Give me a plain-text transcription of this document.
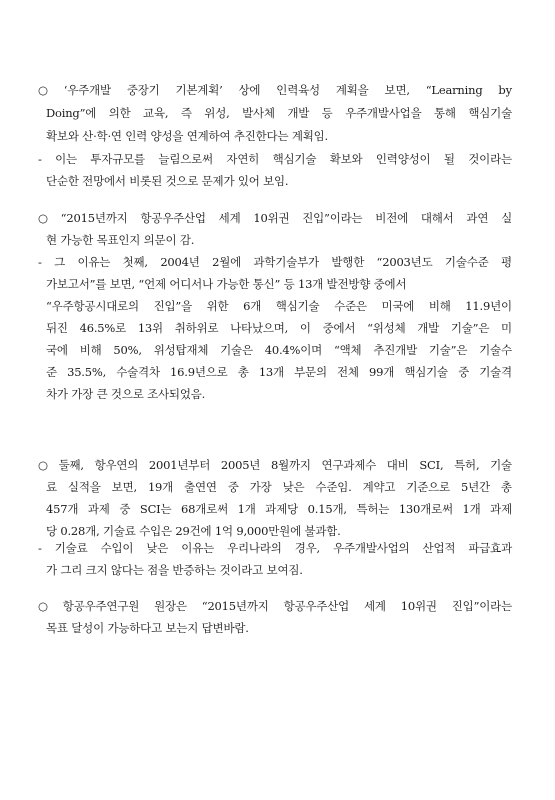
○ ‘우주개발 중장기 기본계획’ 상에 인력육성 계획을 보면, “Learning by
Doing”에 의한 교육, 즉 위성, 발사체 개발 등 우주개발사업을 통해 핵심기술
확보와 산·학·연 인력 양성을 연계하여 추진한다는 계획임.
- 이는 투자규모를 늘림으로써 자연히 핵심기술 확보와 인력양성이 될 것이라는
단순한 전망에서 비롯된 것으로 문제가 있어 보임.
○ “2015년까지 항공우주산업 세계 10위권 진입”이라는 비전에 대해서 과연 실
현 가능한 목표인지 의문이 감.
- 그 이유는 첫째, 2004년 2월에 과학기술부가 발행한 “2003년도 기술수준 평
가보고서”를 보면, “언제 어디서나 가능한 통신” 등 13개 발전방향 중에서
“우주항공시대로의 진입”을 위한 6개 핵심기술 수준은 미국에 비해 11.9년이
뒤진 46.5%로 13위 취하위로 나타났으며, 이 중에서 “위성체 개발 기술”은 미
국에 비해 50%, 위성탑재체 기술은 40.4%이며 “액체 추진개발 기술”은 기술수
준 35.5%, 수술격차 16.9년으로 총 13개 부문의 전체 99개 핵심기술 중 기술격
차가 가장 큰 것으로 조사되었음.
○ 둘째, 항우연의 2001년부터 2005년 8월까지 연구과제수 대비 SCI, 특허, 기술
료 실적을 보면, 19개 출연연 중 가장 낮은 수준임. 계약고 기준으로 5년간 총
457개 과제 중 SCI는 68개로써 1개 과제당 0.15개, 특허는 130개로써 1개 과제
당 0.28개, 기술료 수입은 29건에 1억 9,000만원에 불과함.
- 기술료 수입이 낮은 이유는 우리나라의 경우, 우주개발사업의 산업적 파급효과
가 그리 크지 않다는 점을 반증하는 것이라고 보여짐.
○ 항공우주연구원 원장은 “2015년까지 항공우주산업 세계 10위권 진입”이라는
목표 달성이 가능하다고 보는지 답변바람.
